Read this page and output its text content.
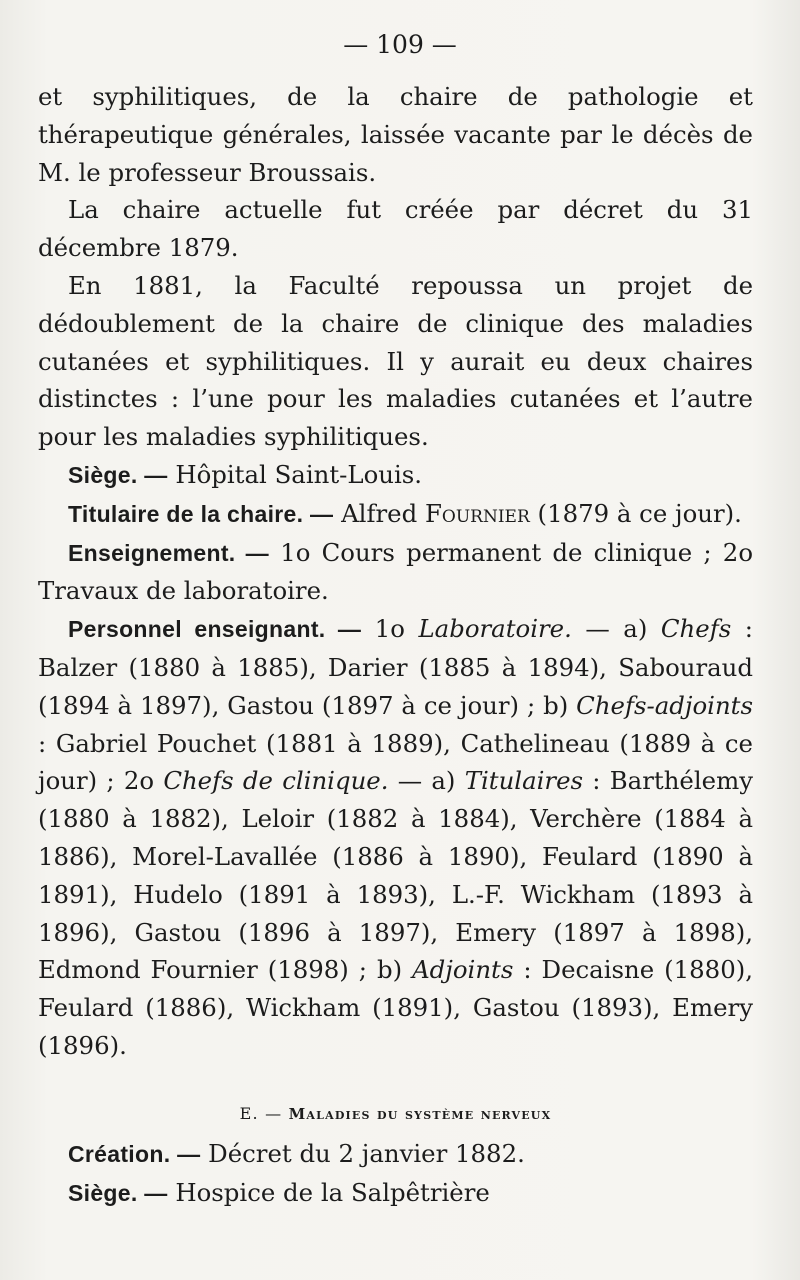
— 109 —

et syphilitiques, de la chaire de pathologie et thérapeutique générales, laissée vacante par le décès de M. le professeur Broussais.

La chaire actuelle fut créée par décret du 31 décembre 1879.

En 1881, la Faculté repoussa un projet de dédoublement de la chaire de clinique des maladies cutanées et syphilitiques. Il y aurait eu deux chaires distinctes : l’une pour les maladies cutanées et l’autre pour les maladies syphilitiques.

Siège. — Hôpital Saint-Louis.

Titulaire de la chaire. — Alfred Fournier (1879 à ce jour).

Enseignement. — 1o Cours permanent de clinique ; 2o Travaux de laboratoire.

Personnel enseignant. — 1o Laboratoire. — a) Chefs : Balzer (1880 à 1885), Darier (1885 à 1894), Sabouraud (1894 à 1897), Gastou (1897 à ce jour) ; b) Chefs-adjoints : Gabriel Pouchet (1881 à 1889), Cathelineau (1889 à ce jour) ; 2o Chefs de clinique. — a) Titulaires : Barthélemy (1880 à 1882), Leloir (1882 à 1884), Verchère (1884 à 1886), Morel-Lavallée (1886 à 1890), Feulard (1890 à 1891), Hudelo (1891 à 1893), L.-F. Wickham (1893 à 1896), Gastou (1896 à 1897), Emery (1897 à 1898), Edmond Fournier (1898) ; b) Adjoints : Decaisne (1880), Feulard (1886), Wickham (1891), Gastou (1893), Emery (1896).

E. — Maladies du système nerveux

Création. — Décret du 2 janvier 1882.

Siège. — Hospice de la Salpêtrière
